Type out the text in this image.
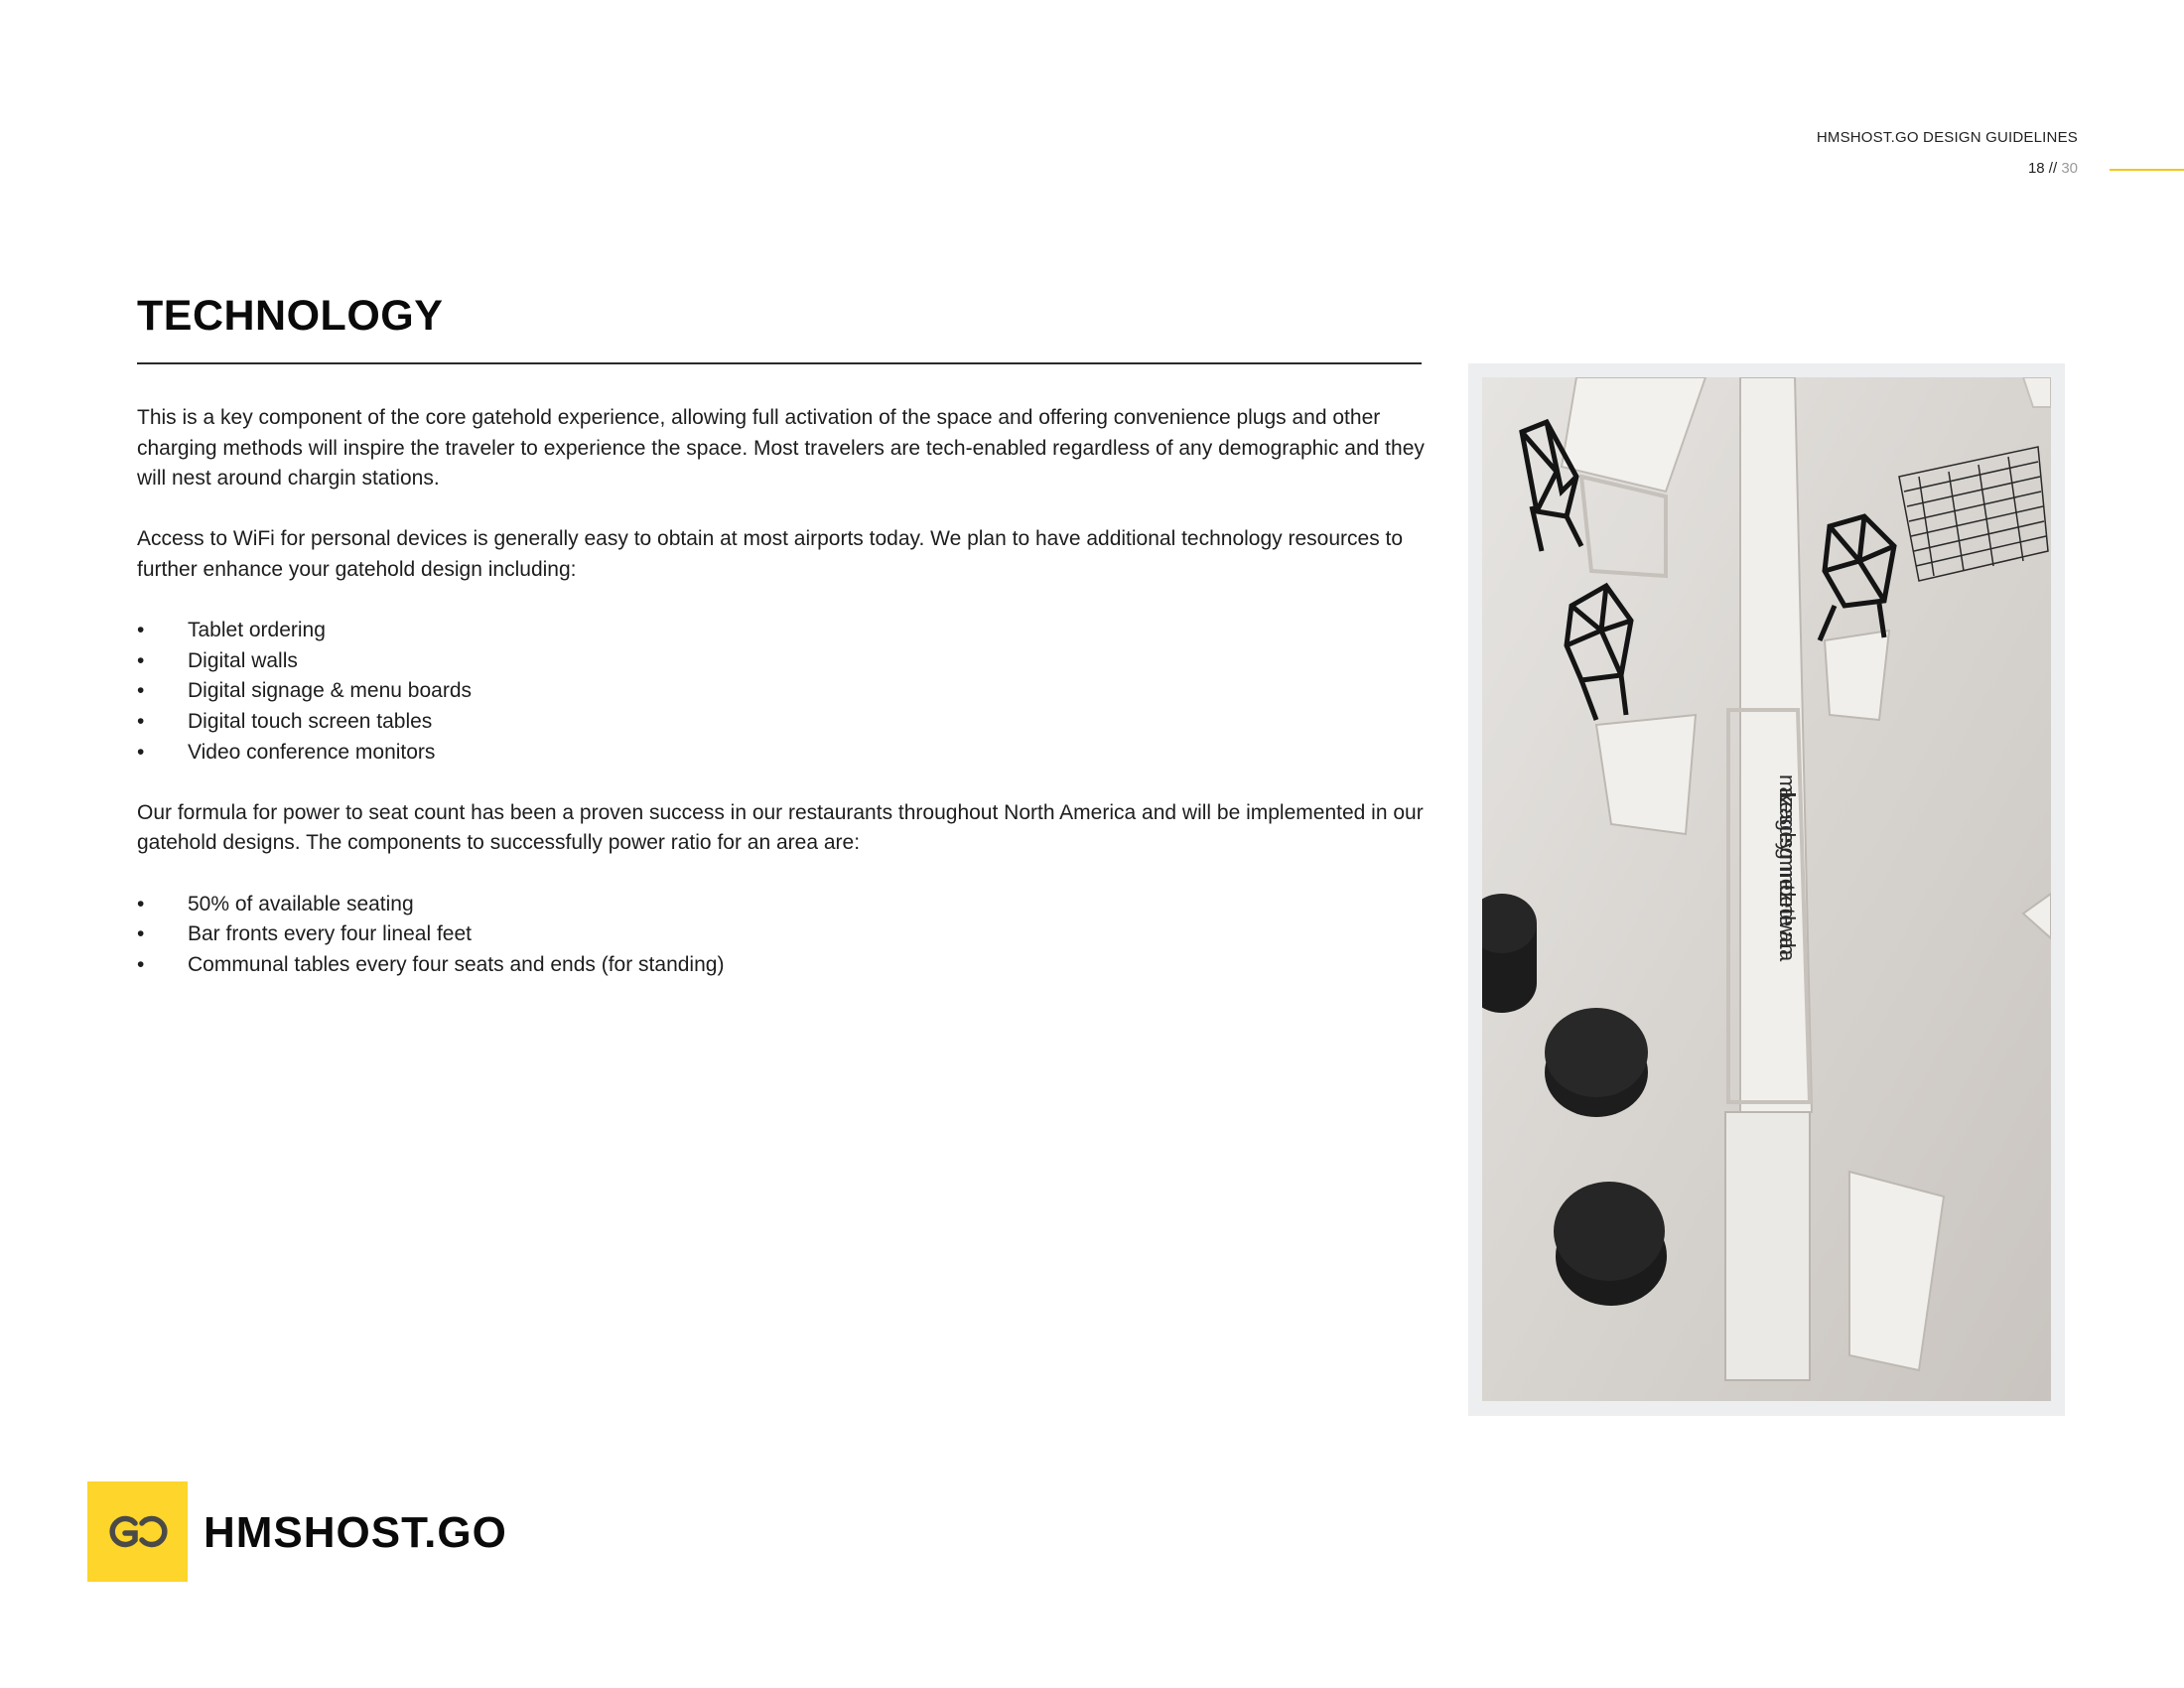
HMSHOST.GO DESIGN GUIDELINES
18 // 30
TECHNOLOGY

This is a key component of the core gatehold experience, allowing full activation of the space and offering convenience plugs and other charging methods will inspire the traveler to experience the space. Most travelers are tech-enabled regardless of any demographic and they will nest around chargin stations.

Access to WiFi for personal devices is generally easy to obtain at most airports today. We plan to have additional technology resources to further enhance your gatehold design including:

• Tablet ordering
• Digital walls
• Digital signage & menu boards
• Digital touch screen tables
• Video conference monitors

Our formula for power to seat count has been a proven success in our restaurants throughout North America and will be implemented in our gatehold designs. The components to successfully power ratio for an area are:

• 50% of available seating
• Bar fronts every four lineal feet
• Communal tables every four seats and ends (for standing)
malkzeasgdesyg mnnetdzentdewaaha
HMSHOST.GO
